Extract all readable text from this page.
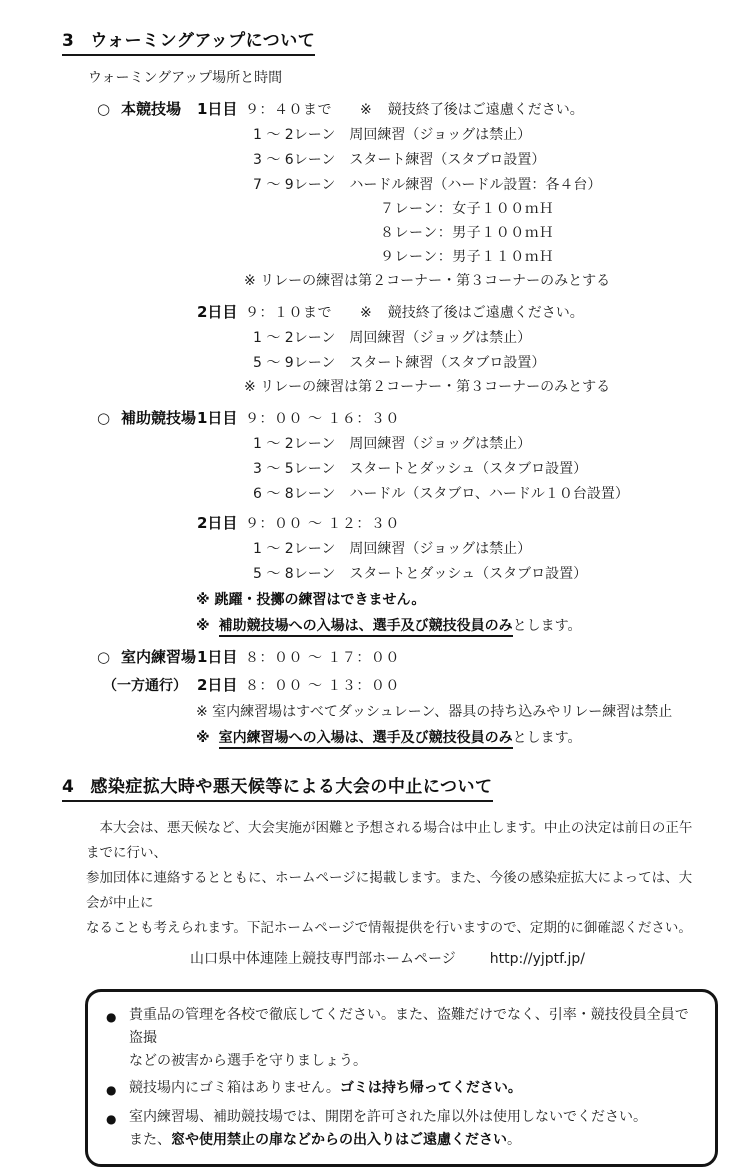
3 ウォーミングアップについて
ウォーミングアップ場所と時間
○ 本競技場	1日目 ９：４０まで ※ 競技終了後はご遠慮ください。
1 ～ 2レーン　周回練習（ジョッグは禁止）
3 ～ 6レーン　スタート練習（スタブロ設置）
7 ～ 9レーン　ハードル練習（ハードル設置：各４台）
７レーン：女子１００ｍＨ
８レーン：男子１００ｍＨ
９レーン：男子１１０ｍＨ
※ リレーの練習は第２コーナー・第３コーナーのみとする
2日目 ９：１０まで ※ 競技終了後はご遠慮ください。
1 ～ 2レーン　周回練習（ジョッグは禁止）
5 ～ 9レーン　スタート練習（スタブロ設置）
※ リレーの練習は第２コーナー・第３コーナーのみとする
○ 補助競技場 1日目 ９：００ ～ １６：３０
1 ～ 2レーン　周回練習（ジョッグは禁止）
3 ～ 5レーン　スタートとダッシュ（スタブロ設置）
6 ～ 8レーン　ハードル（スタブロ、ハードル１０台設置）
2日目 ９：００ ～ １２：３０
1 ～ 2レーン　周回練習（ジョッグは禁止）
5 ～ 8レーン　スタートとダッシュ（スタブロ設置）
※ 跳躍・投擲の練習はできません。
※ 補助競技場への入場は、選手及び競技役員のみとします。
○ 室内練習場 1日目 ８：００ ～ １７：００
（一方通行） 2日目 ８：００ ～ １３：００
※ 室内練習場はすべてダッシュレーン、器具の持ち込みやリレー練習は禁止
※ 室内練習場への入場は、選手及び競技役員のみとします。
4 感染症拡大時や悪天候等による大会の中止について
　本大会は、悪天候など、大会実施が困難と予想される場合は中止します。中止の決定は前日の正午までに行い、
参加団体に連絡するとともに、ホームページに掲載します。また、今後の感染症拡大によっては、大会が中止に
なることも考えられます。下記ホームページで情報提供を行いますので、定期的に御確認ください。
山口県中体連陸上競技専門部ホームページ http://yjptf.jp/
● 貴重品の管理を各校で徹底してください。また、盗難だけでなく、引率・競技役員全員で盗撮
などの被害から選手を守りましょう。
● 競技場内にゴミ箱はありません。ゴミは持ち帰ってください。
● 室内練習場、補助競技場では、開閉を許可された扉以外は使用しないでください。
また、窓や使用禁止の扉などからの出入りはご遠慮ください。
